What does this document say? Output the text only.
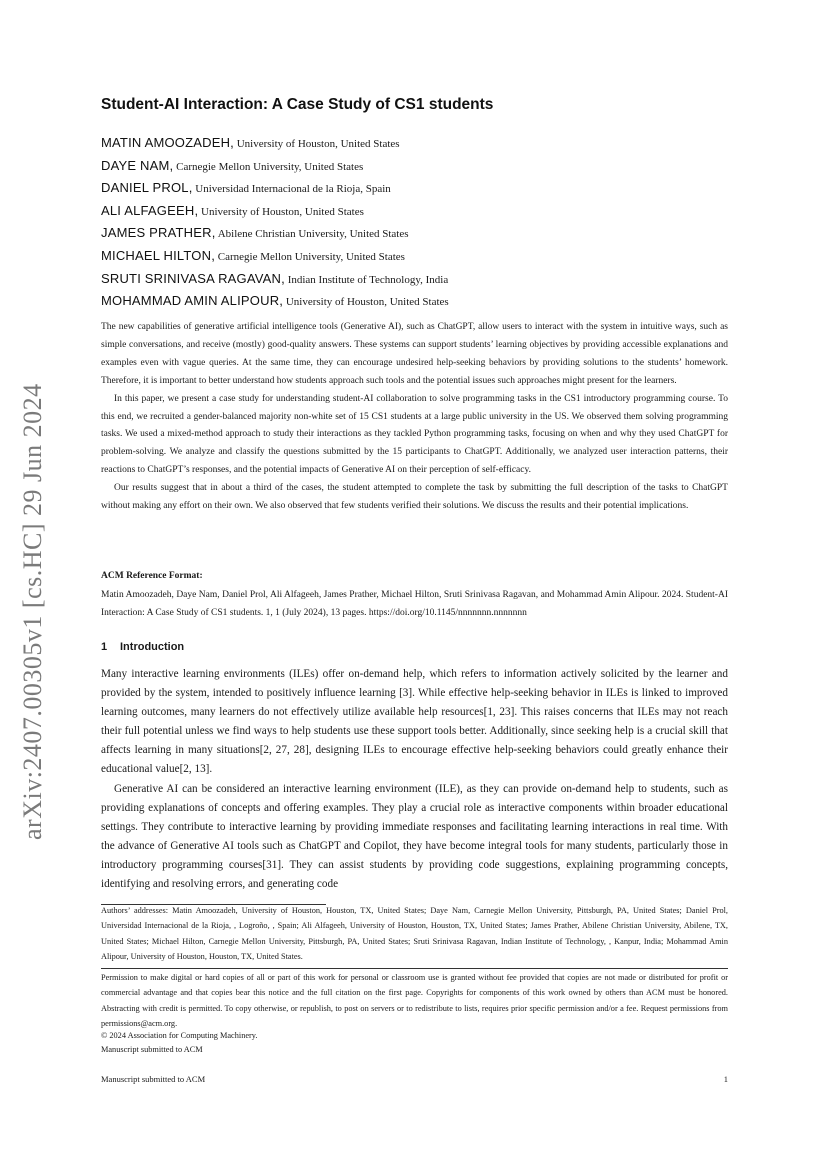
arXiv:2407.00305v1 [cs.HC] 29 Jun 2024
Student-AI Interaction: A Case Study of CS1 students
MATIN AMOOZADEH, University of Houston, United States
DAYE NAM, Carnegie Mellon University, United States
DANIEL PROL, Universidad Internacional de la Rioja, Spain
ALI ALFAGEEH, University of Houston, United States
JAMES PRATHER, Abilene Christian University, United States
MICHAEL HILTON, Carnegie Mellon University, United States
SRUTI SRINIVASA RAGAVAN, Indian Institute of Technology, India
MOHAMMAD AMIN ALIPOUR, University of Houston, United States

The new capabilities of generative artificial intelligence tools (Generative AI), such as ChatGPT, allow users to interact with the system in intuitive ways, such as simple conversations, and receive (mostly) good-quality answers. These systems can support students’ learning objectives by providing accessible explanations and examples even with vague queries. At the same time, they can encourage undesired help-seeking behaviors by providing solutions to the students’ homework. Therefore, it is important to better understand how students approach such tools and the potential issues such approaches might present for the learners.

In this paper, we present a case study for understanding student-AI collaboration to solve programming tasks in the CS1 introductory programming course. To this end, we recruited a gender-balanced majority non-white set of 15 CS1 students at a large public university in the US. We observed them solving programming tasks. We used a mixed-method approach to study their interactions as they tackled Python programming tasks, focusing on when and why they used ChatGPT for problem-solving. We analyze and classify the questions submitted by the 15 participants to ChatGPT. Additionally, we analyzed user interaction patterns, their reactions to ChatGPT’s responses, and the potential impacts of Generative AI on their perception of self-efficacy.

Our results suggest that in about a third of the cases, the student attempted to complete the task by submitting the full description of the tasks to ChatGPT without making any effort on their own. We also observed that few students verified their solutions. We discuss the results and their potential implications.

ACM Reference Format:

Matin Amoozadeh, Daye Nam, Daniel Prol, Ali Alfageeh, James Prather, Michael Hilton, Sruti Srinivasa Ragavan, and Mohammad Amin Alipour. 2024. Student-AI Interaction: A Case Study of CS1 students. 1, 1 (July 2024), 13 pages. https://doi.org/10.1145/nnnnnnn.nnnnnnn

1 Introduction

Many interactive learning environments (ILEs) offer on-demand help, which refers to information actively solicited by the learner and provided by the system, intended to positively influence learning [3]. While effective help-seeking behavior in ILEs is linked to improved learning outcomes, many learners do not effectively utilize available help resources[1, 23]. This raises concerns that ILEs may not reach their full potential unless we find ways to help students use these support tools better. Additionally, since seeking help is a crucial skill that affects learning in many situations[2, 27, 28], designing ILEs to encourage effective help-seeking behaviors could greatly enhance their educational value[2, 13].

Generative AI can be considered an interactive learning environment (ILE), as they can provide on-demand help to students, such as providing explanations of concepts and offering examples. They play a crucial role as interactive components within broader educational settings. They contribute to interactive learning by providing immediate responses and facilitating learning interactions in real time. With the advance of Generative AI tools such as ChatGPT and Copilot, they have become integral tools for many students, particularly those in introductory programming courses[31]. They can assist students by providing code suggestions, explaining programming concepts, identifying and resolving errors, and generating code

Authors’ addresses: Matin Amoozadeh, University of Houston, Houston, TX, United States; Daye Nam, Carnegie Mellon University, Pittsburgh, PA, United States; Daniel Prol, Universidad Internacional de la Rioja, , Logroño, , Spain; Ali Alfageeh, University of Houston, Houston, TX, United States; James Prather, Abilene Christian University, Abilene, TX, United States; Michael Hilton, Carnegie Mellon University, Pittsburgh, PA, United States; Sruti Srinivasa Ragavan, Indian Institute of Technology, , Kanpur, India; Mohammad Amin Alipour, University of Houston, Houston, TX, United States.

Permission to make digital or hard copies of all or part of this work for personal or classroom use is granted without fee provided that copies are not made or distributed for profit or commercial advantage and that copies bear this notice and the full citation on the first page. Copyrights for components of this work owned by others than ACM must be honored. Abstracting with credit is permitted. To copy otherwise, or republish, to post on servers or to redistribute to lists, requires prior specific permission and/or a fee. Request permissions from permissions@acm.org.

© 2024 Association for Computing Machinery.

Manuscript submitted to ACM

Manuscript submitted to ACM	1
